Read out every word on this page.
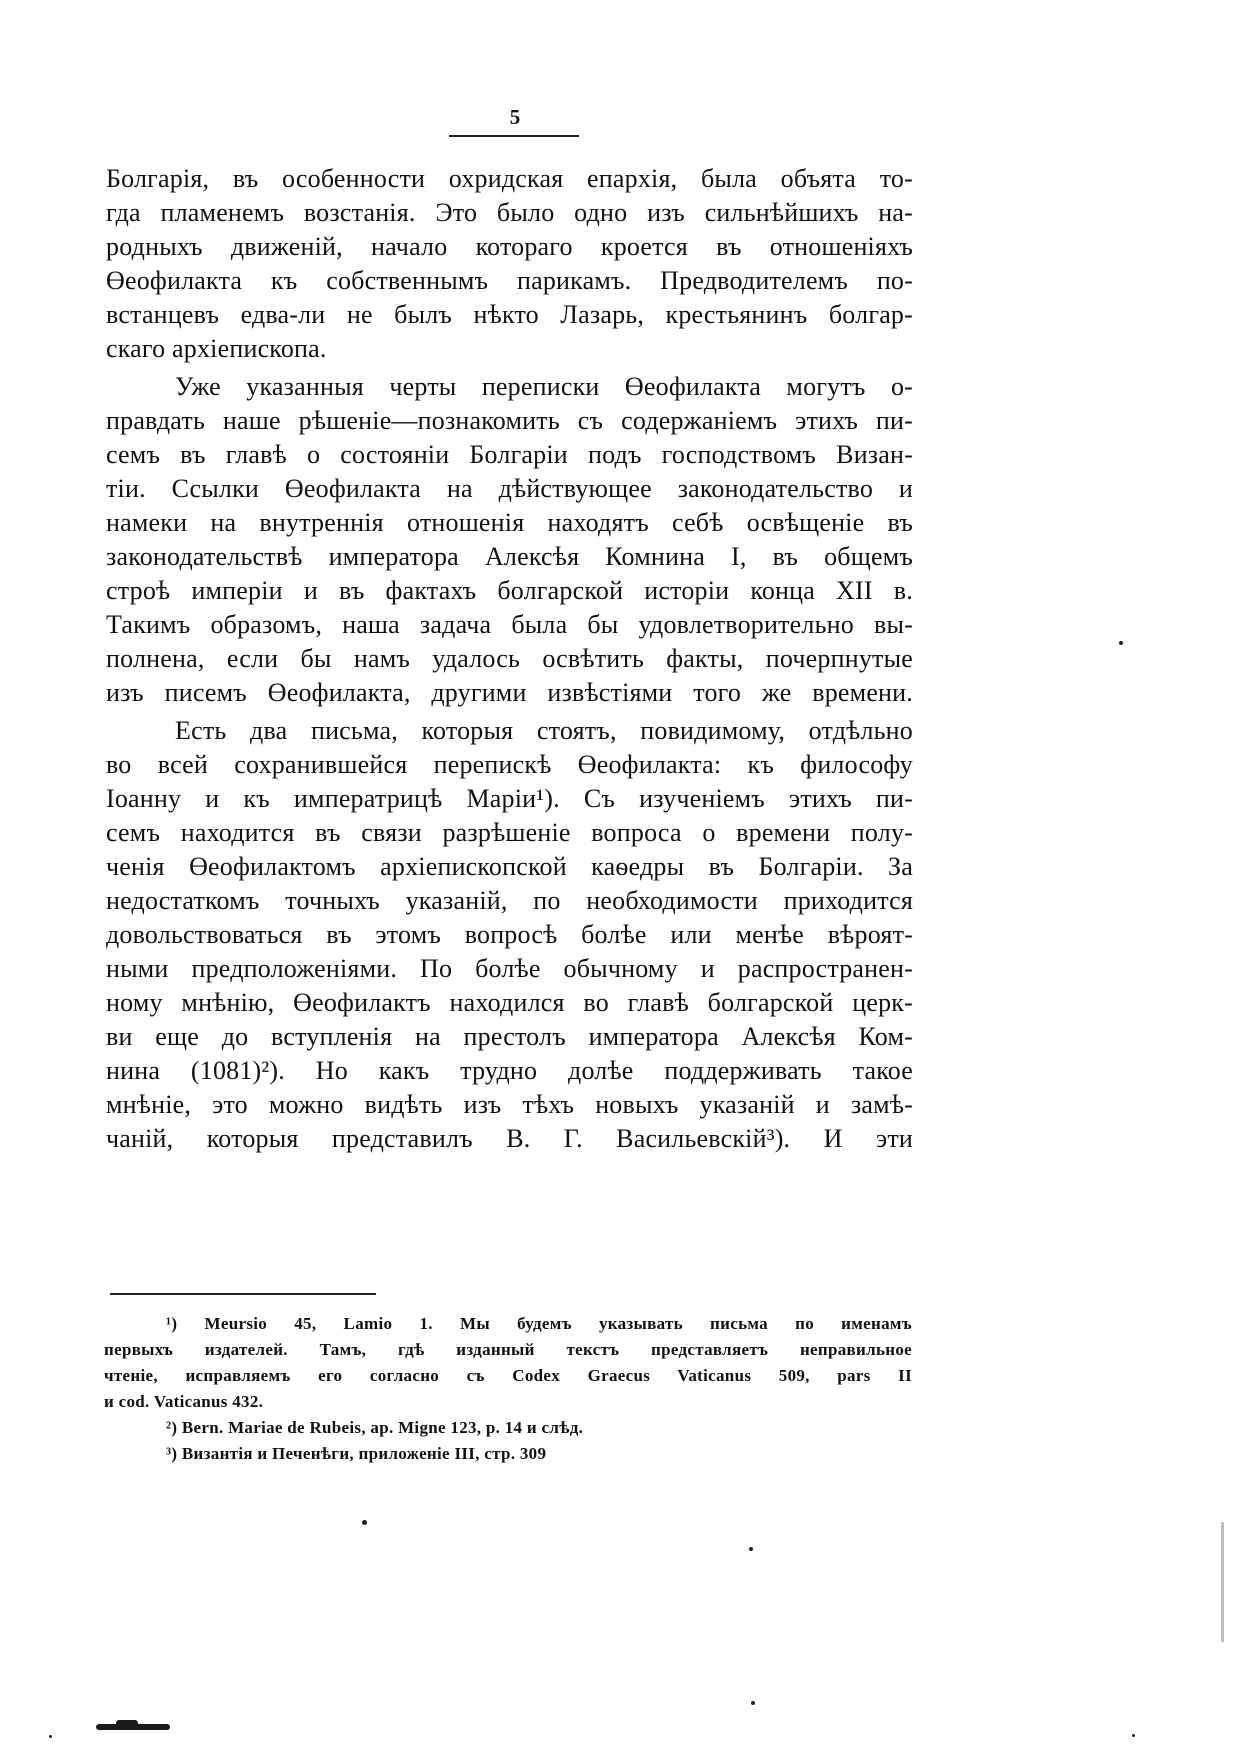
5
Болгарія, въ особенности охридская епархія, была объята то-
гда пламенемъ возстанія. Это было одно изъ сильнѣйшихъ на-
родныхъ движеній, начало котораго кроется въ отношеніяхъ
Өеофилакта къ собственнымъ парикамъ. Предводителемъ по-
встанцевъ едва-ли не былъ нѣкто Лазарь, крестьянинъ болгар-
скаго архіепископа.
Уже указанныя черты переписки Өеофилакта могутъ о-
правдать наше рѣшеніе—познакомить съ содержаніемъ этихъ пи-
семъ въ главѣ о состояніи Болгаріи подъ господствомъ Визан-
тіи. Ссылки Өеофилакта на дѣйствующее законодательство и
намеки на внутреннія отношенія находятъ себѣ освѣщеніе въ
законодательствѣ императора Алексѣя Комнина I, въ общемъ
строѣ имперіи и въ фактахъ болгарской исторіи конца XII в.
Такимъ образомъ, наша задача была бы удовлетворительно вы-
полнена, если бы намъ удалось освѣтить факты, почерпнутые
изъ писемъ Өеофилакта, другими извѣстіями того же времени.
Есть два письма, которыя стоятъ, повидимому, отдѣльно
во всей сохранившейся перепискѣ Өеофилакта: къ философу
Іоанну и къ императрицѣ Маріи¹). Съ изученіемъ этихъ пи-
семъ находится въ связи разрѣшеніе вопроса о времени полу-
ченія Өеофилактомъ архіепископской каѳедры въ Болгаріи. За
недостаткомъ точныхъ указаній, по необходимости приходится
довольствоваться въ этомъ вопросѣ болѣе или менѣе вѣроят-
ными предположеніями. По болѣе обычному и распространен-
ному мнѣнію, Өеофилактъ находился во главѣ болгарской церк-
ви еще до вступленія на престолъ императора Алексѣя Ком-
нина (1081)²). Но какъ трудно долѣе поддерживать такое
мнѣніе, это можно видѣть изъ тѣхъ новыхъ указаній и замѣ-
чаній, которыя представилъ В. Г. Васильевскій³). И эти
¹) Meursio 45, Lamio 1. Мы будемъ указывать письма по именамъ
первыхъ издателей. Тамъ, гдѣ изданный текстъ представляетъ неправильное
чтеніе, исправляемъ его согласно съ Codex Graecus Vaticanus 509, pars II
и cod. Vaticanus 432.
²) Bern. Mariae de Rubeis, ap. Migne 123, p. 14 и слѣд.
³) Византія и Печенѣги, приложеніе III, стр. 309
